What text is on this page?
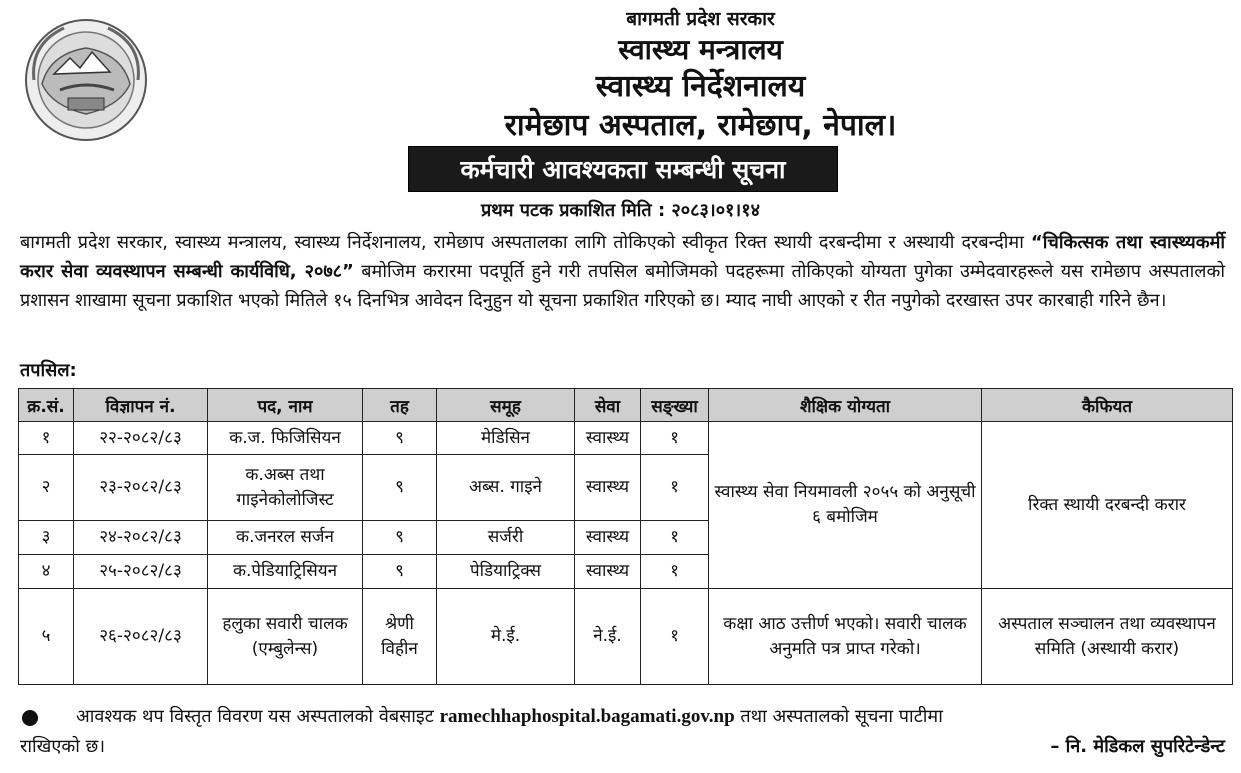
बागमती प्रदेश सरकार
स्वास्थ्य मन्त्रालय
स्वास्थ्य निर्देशनालय
रामेछाप अस्पताल, रामेछाप, नेपाल।
कर्मचारी आवश्यकता सम्बन्धी सूचना
प्रथम पटक प्रकाशित मिति : २०८३।०१।१४
बागमती प्रदेश सरकार, स्वास्थ्य मन्त्रालय, स्वास्थ्य निर्देशनालय, रामेछाप अस्पतालका लागि तोकिएको स्वीकृत रिक्त स्थायी दरबन्दीमा र अस्थायी दरबन्दीमा “चिकित्सक तथा स्वास्थ्यकर्मी करार सेवा व्यवस्थापन सम्बन्धी कार्यविधि, २०७८” बमोजिम करारमा पदपूर्ति हुने गरी तपसिल बमोजिमको पदहरूमा तोकिएको योग्यता पुगेका उम्मेदवारहरूले यस रामेछाप अस्पतालको प्रशासन शाखामा सूचना प्रकाशित भएको मितिले १५ दिनभित्र आवेदन दिनुहुन यो सूचना प्रकाशित गरिएको छ। म्याद नाघी आएको र रीत नपुगेको दरखास्त उपर कारबाही गरिने छैन।
तपसिल:
क्र.सं.	विज्ञापन नं.	पद, नाम	तह	समूह	सेवा	सङ्ख्या	शैक्षिक योग्यता	कैफियत
१	२२-२०८२/८३	क.ज. फिजिसियन	९	मेडिसिन	स्वास्थ्य	१	स्वास्थ्य सेवा नियमावली २०५५ को अनुसूची ६ बमोजिम	रिक्त स्थायी दरबन्दी करार
२	२३-२०८२/८३	क.अब्स तथा गाइनेकोलोजिस्ट	९	अब्स. गाइने	स्वास्थ्य	१		
३	२४-२०८२/८३	क.जनरल सर्जन	९	सर्जरी	स्वास्थ्य	१		
४	२५-२०८२/८३	क.पेडियाट्रिसियन	९	पेडियाट्रिक्स	स्वास्थ्य	१		
५	२६-२०८२/८३	हलुका सवारी चालक (एम्बुलेन्स)	श्रेणी विहीन	मे.ई.	ने.ई.	१	कक्षा आठ उत्तीर्ण भएको। सवारी चालक अनुमति पत्र प्राप्त गरेको।	अस्पताल सञ्चालन तथा व्यवस्थापन समिति (अस्थायी करार)
आवश्यक थप विस्तृत विवरण यस अस्पतालको वेबसाइट ramechhaphospital.bagamati.gov.np तथा अस्पतालको सूचना पाटीमा
राखिएको छ।	– नि. मेडिकल सुपरिटेन्डेन्ट
